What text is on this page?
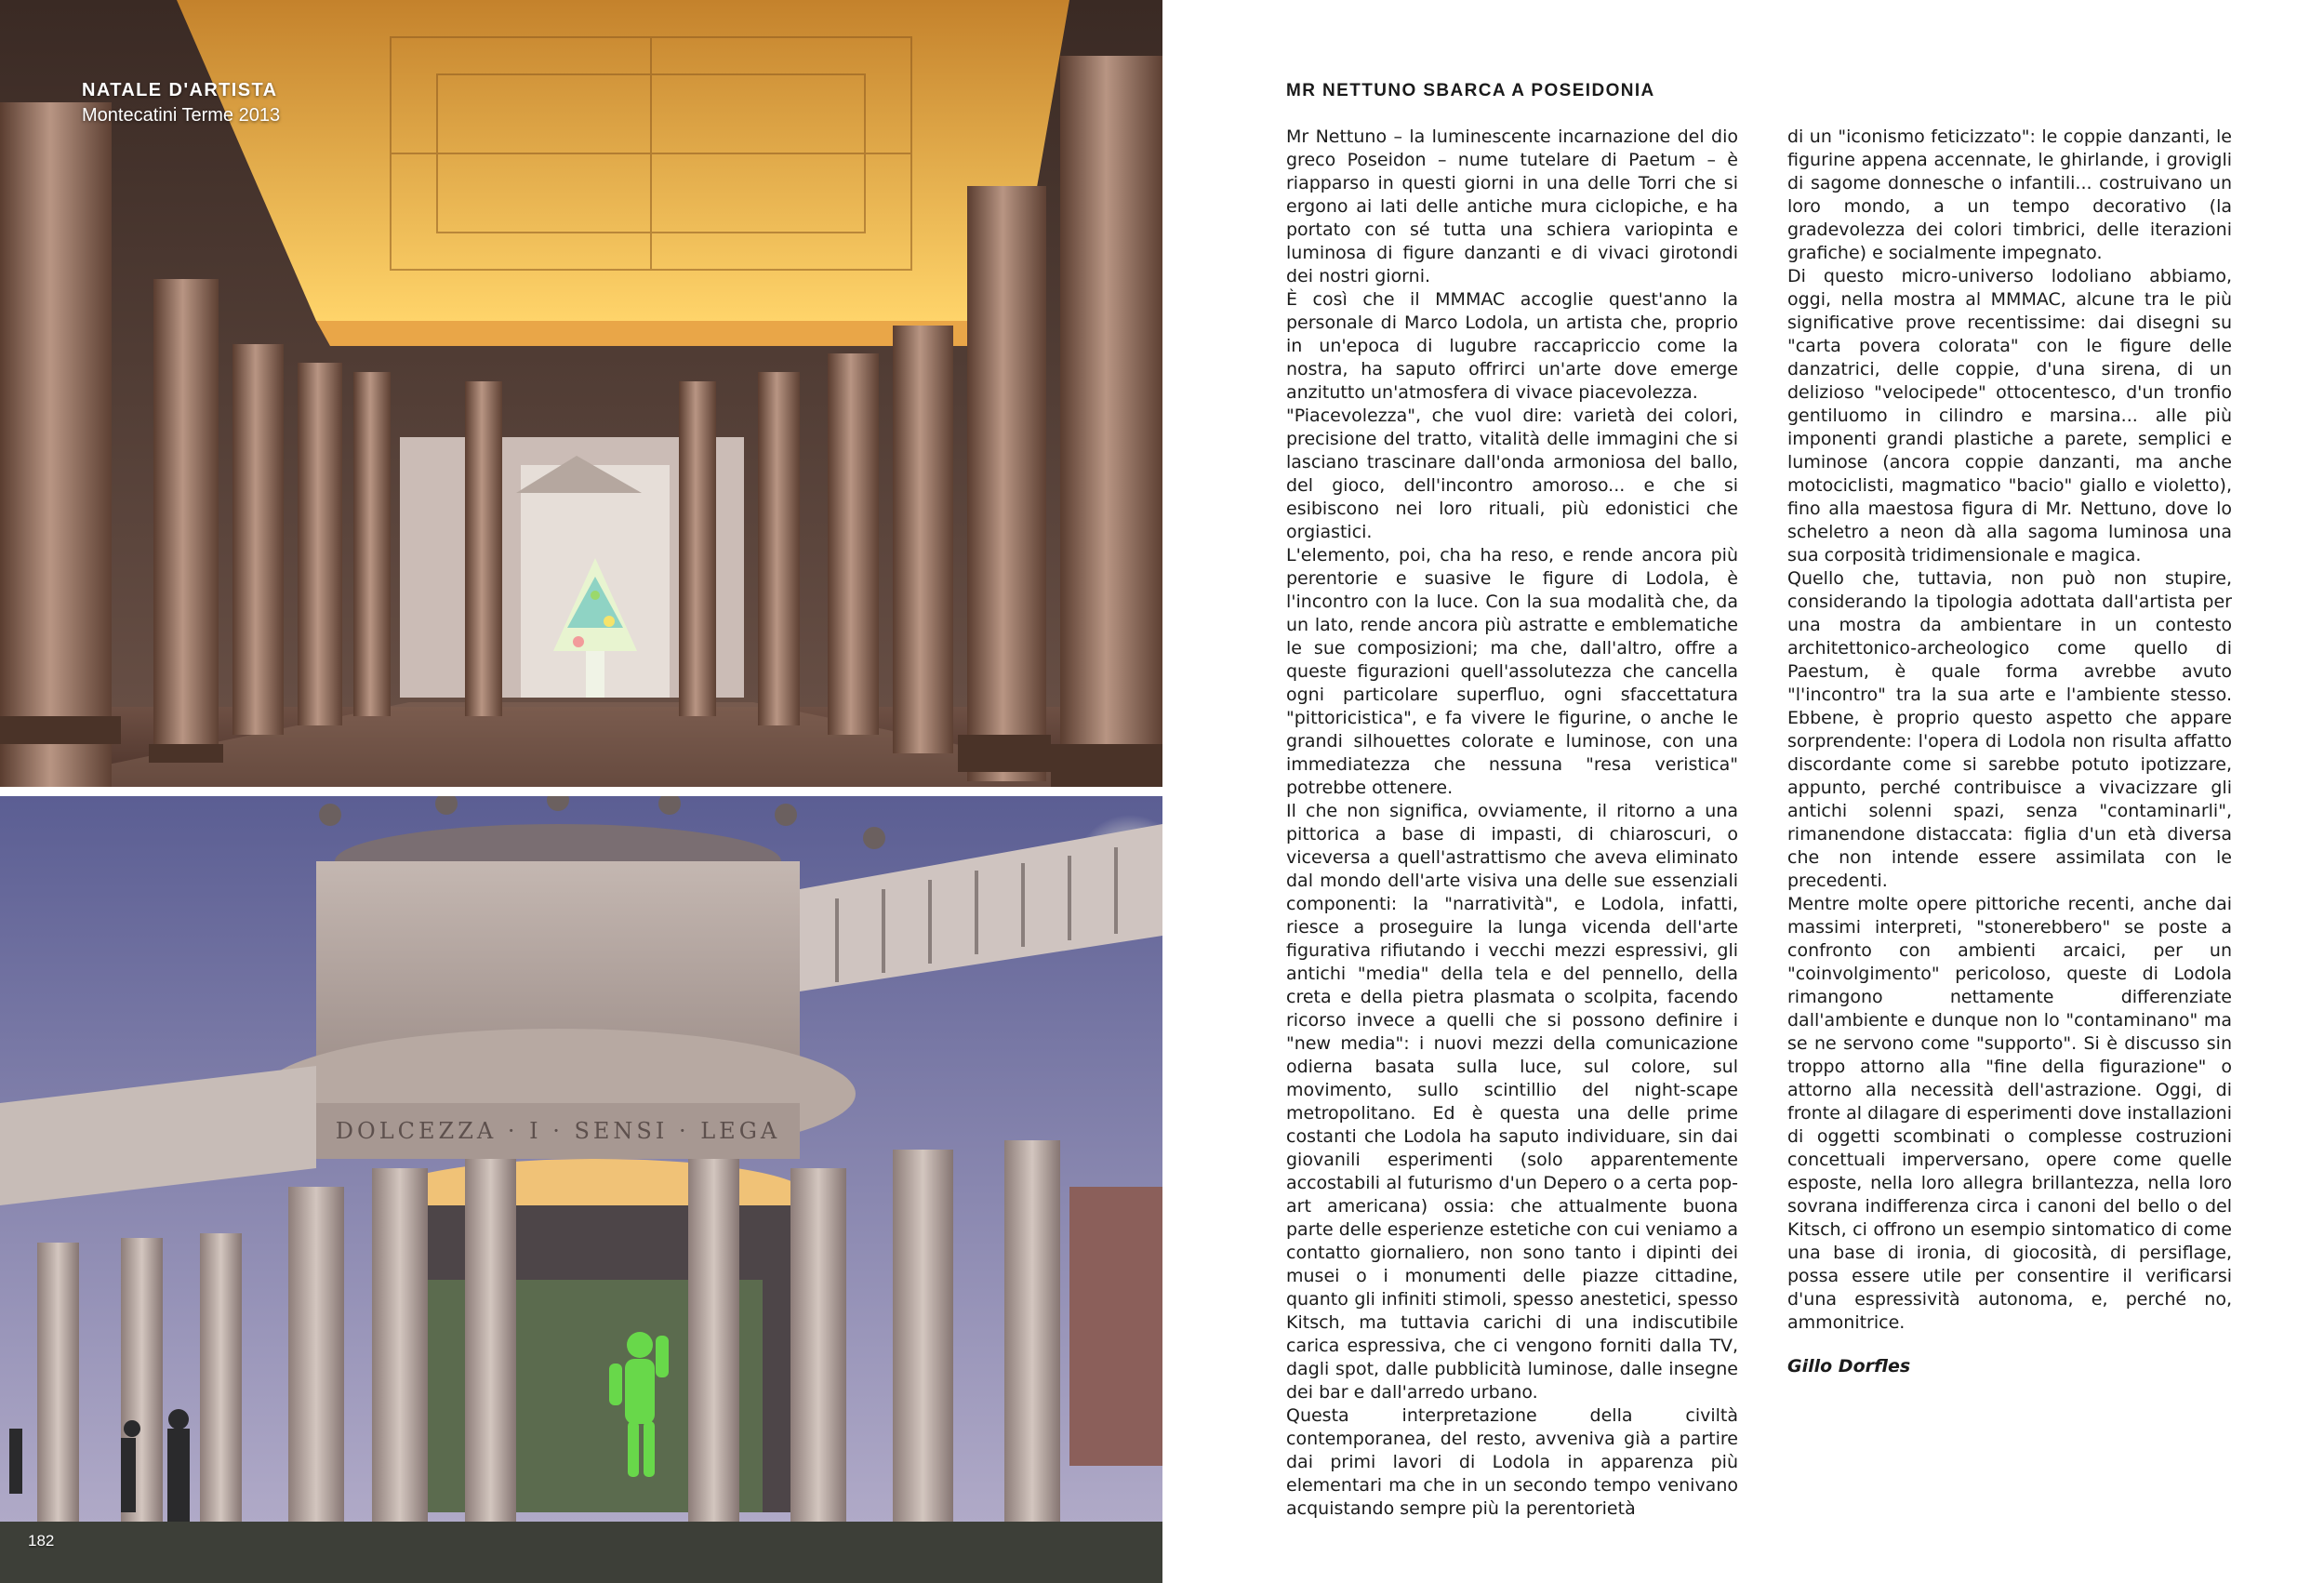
DOLCEZZA · I · SENSI · LEGA
NATALE D'ARTISTA
Montecatini Terme 2013
182
MR NETTUNO SBARCA A POSEIDONIA

Mr Nettuno – la luminescente incarnazione del dio greco Poseidon – nume tutelare di Paetum – è riapparso in questi giorni in una delle Torri che si ergono ai lati delle antiche mura ciclopiche, e ha portato con sé tutta una schiera variopinta e luminosa di figure danzanti e di vivaci girotondi dei nostri giorni.

È così che il MMMAC accoglie quest'anno la personale di Marco Lodola, un artista che, proprio in un'epoca di lugubre raccapriccio come la nostra, ha saputo offrirci un'arte dove emerge anzitutto un'atmosfera di vivace piacevolezza.

"Piacevolezza", che vuol dire: varietà dei colori, precisione del tratto, vitalità delle immagini che si lasciano trascinare dall'onda armoniosa del ballo, del gioco, dell'incontro amoroso... e che si esibiscono nei loro rituali, più edonistici che orgiastici.

L'elemento, poi, cha ha reso, e rende ancora più perentorie e suasive le figure di Lodola, è l'incontro con la luce. Con la sua modalità che, da un lato, rende ancora più astratte e emblematiche le sue composizioni; ma che, dall'altro, offre a queste figurazioni quell'assolutezza che cancella ogni particolare superfluo, ogni sfaccettatura "pittoricistica", e fa vivere le figurine, o anche le grandi silhouettes colorate e luminose, con una immediatezza che nessuna "resa veristica" potrebbe ottenere.

Il che non significa, ovviamente, il ritorno a una pittorica a base di impasti, di chiaroscuri, o viceversa a quell'astrattismo che aveva eliminato dal mondo dell'arte visiva una delle sue essenziali componenti: la "narratività", e Lodola, infatti, riesce a proseguire la lunga vicenda dell'arte figurativa rifiutando i vecchi mezzi espressivi, gli antichi "media" della tela e del pennello, della creta e della pietra plasmata o scolpita, facendo ricorso invece a quelli che si possono definire i "new media": i nuovi mezzi della comunicazione odierna basata sulla luce, sul colore, sul movimento, sullo scintillio del night-scape metropolitano. Ed è questa una delle prime costanti che Lodola ha saputo individuare, sin dai giovanili esperimenti (solo apparentemente accostabili al futurismo d'un Depero o a certa pop-art americana) ossia: che attualmente buona parte delle esperienze estetiche con cui veniamo a contatto giornaliero, non sono tanto i dipinti dei musei o i monumenti delle piazze cittadine, quanto gli infiniti stimoli, spesso anestetici, spesso Kitsch, ma tuttavia carichi di una indiscutibile carica espressiva, che ci vengono forniti dalla TV, dagli spot, dalle pubblicità luminose, dalle insegne dei bar e dall'arredo urbano.

Questa interpretazione della civiltà contemporanea, del resto, avveniva già a partire dai primi lavori di Lodola in apparenza più elementari ma che in un secondo tempo venivano acquistando sempre più la perentorietà

di un "iconismo feticizzato": le coppie danzanti, le figurine appena accennate, le ghirlande, i grovigli di sagome donnesche o infantili... costruivano un loro mondo, a un tempo decorativo (la gradevolezza dei colori timbrici, delle iterazioni grafiche) e socialmente impegnato.

Di questo micro-universo lodoliano abbiamo, oggi, nella mostra al MMMAC, alcune tra le più significative prove recentissime: dai disegni su "carta povera colorata" con le figure delle danzatrici, delle coppie, d'una sirena, di un delizioso "velocipede" ottocentesco, d'un tronfio gentiluomo in cilindro e marsina... alle più imponenti grandi plastiche a parete, semplici e luminose (ancora coppie danzanti, ma anche motociclisti, magmatico "bacio" giallo e violetto), fino alla maestosa figura di Mr. Nettuno, dove lo scheletro a neon dà alla sagoma luminosa una sua corposità tridimensionale e magica.

Quello che, tuttavia, non può non stupire, considerando la tipologia adottata dall'artista per una mostra da ambientare in un contesto architettonico-archeologico come quello di Paestum, è quale forma avrebbe avuto "l'incontro" tra la sua arte e l'ambiente stesso. Ebbene, è proprio questo aspetto che appare sorprendente: l'opera di Lodola non risulta affatto discordante come si sarebbe potuto ipotizzare, appunto, perché contribuisce a vivacizzare gli antichi solenni spazi, senza "contaminarli", rimanendone distaccata: figlia d'un età diversa che non intende essere assimilata con le precedenti.

Mentre molte opere pittoriche recenti, anche dai massimi interpreti, "stonerebbero" se poste a confronto con ambienti arcaici, per un "coinvolgimento" pericoloso, queste di Lodola rimangono nettamente differenziate dall'ambiente e dunque non lo "contaminano" ma se ne servono come "supporto". Si è discusso sin troppo attorno alla "fine della figurazione" o attorno alla necessità dell'astrazione. Oggi, di fronte al dilagare di esperimenti dove installazioni di oggetti scombinati o complesse costruzioni concettuali imperversano, opere come quelle esposte, nella loro allegra brillantezza, nella loro sovrana indifferenza circa i canoni del bello o del Kitsch, ci offrono un esempio sintomatico di come una base di ironia, di giocosità, di persiflage, possa essere utile per consentire il verificarsi d'una espressività autonoma, e, perché no, ammonitrice.

Gillo Dorfles
